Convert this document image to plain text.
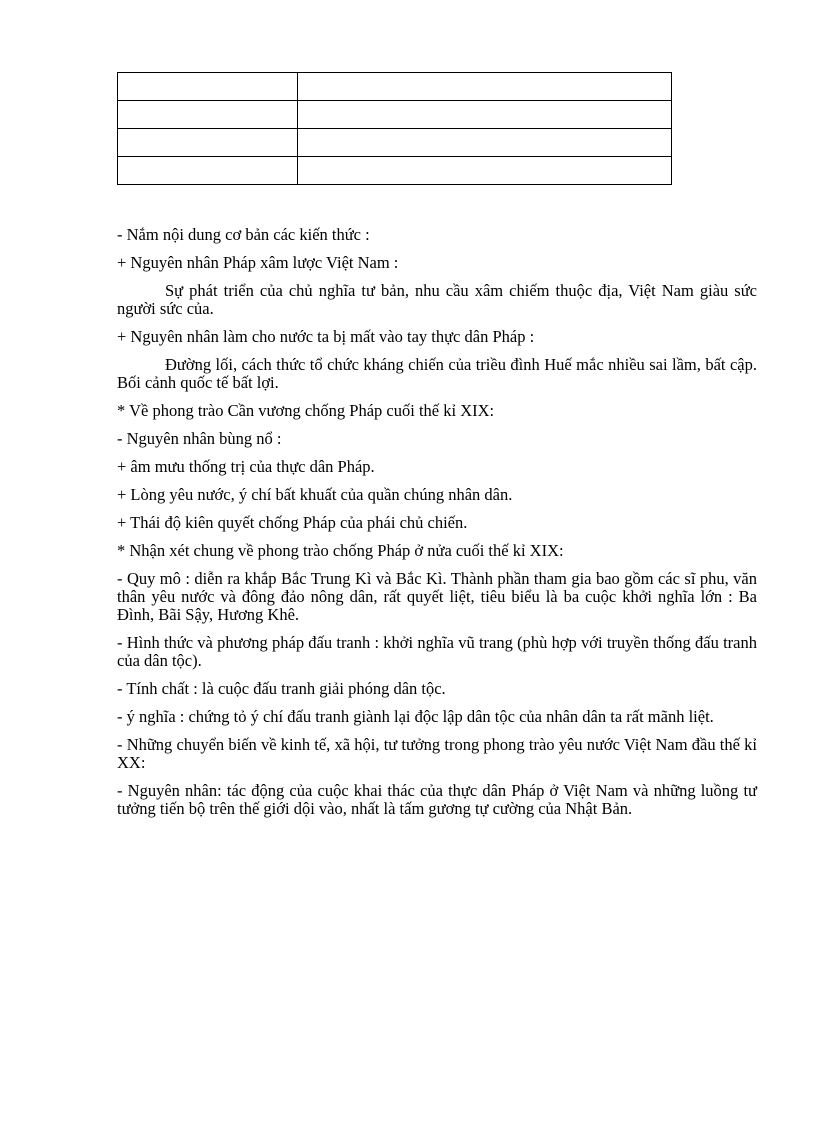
- Nắm nội dung cơ bản các kiến thức :

+ Nguyên nhân Pháp xâm lược Việt Nam :

Sự phát triển của chủ nghĩa tư bản, nhu cầu xâm chiếm thuộc địa, Việt Nam giàu sức người sức của.

+ Nguyên nhân làm cho nước ta bị mất vào tay thực dân Pháp :

Đường lối, cách thức tổ chức kháng chiến của triều đình Huế mắc nhiều sai lầm, bất cập. Bối cảnh quốc tế bất lợi.

* Về phong trào Cần vương chống Pháp cuối thế kỉ XIX:

- Nguyên nhân bùng nổ :

+ âm mưu thống trị của thực dân Pháp.

+ Lòng yêu nước, ý chí bất khuất của quần chúng nhân dân.

+ Thái độ kiên quyết chống Pháp của phái chủ chiến.

* Nhận xét chung về phong trào chống Pháp ở nửa cuối thế kỉ XIX:

- Quy mô : diễn ra khắp Bắc Trung Kì và Bắc Kì. Thành phần tham gia bao gồm các sĩ phu, văn thân yêu nước và đông đảo nông dân, rất quyết liệt, tiêu biểu là ba cuộc khởi nghĩa lớn : Ba Đình, Bãi Sậy, Hương Khê.

- Hình thức và phương pháp đấu tranh : khởi nghĩa vũ trang (phù hợp với truyền thống đấu tranh của dân tộc).

- Tính chất : là cuộc đấu tranh giải phóng dân tộc.

- ý nghĩa : chứng tỏ ý chí đấu tranh giành lại độc lập dân tộc của nhân dân ta rất mãnh liệt.

- Những chuyển biến về kinh tế, xã hội, tư tưởng trong phong trào yêu nước Việt Nam đầu thế kỉ XX:

- Nguyên nhân: tác động của cuộc khai thác của thực dân Pháp ở Việt Nam và những luồng tư tưởng tiến bộ trên thế giới dội vào, nhất là tấm gương tự cường của Nhật Bản.
